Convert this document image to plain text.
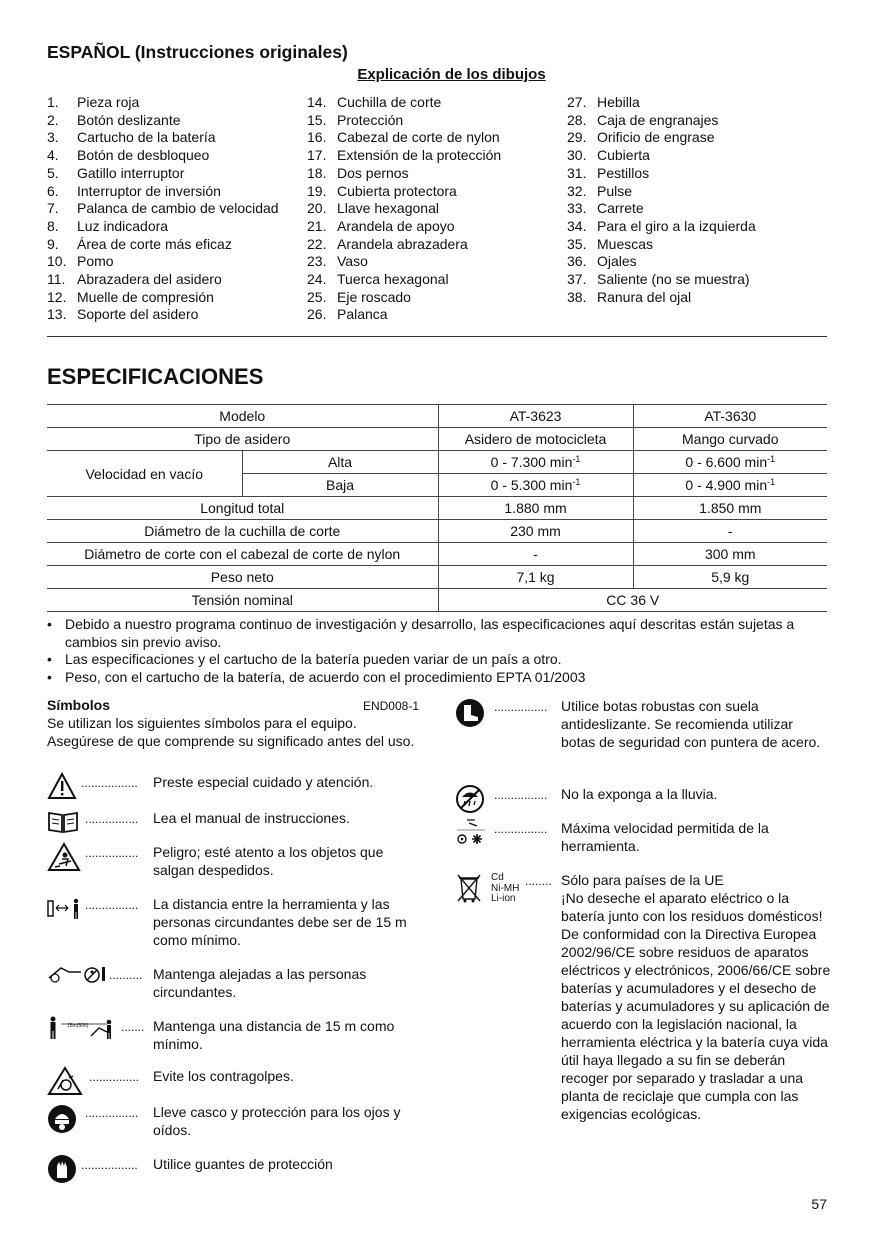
ESPAÑOL (Instrucciones originales)
Explicación de los dibujos
1. Pieza roja
2. Botón deslizante
3. Cartucho de la batería
4. Botón de desbloqueo
5. Gatillo interruptor
6. Interruptor de inversión
7. Palanca de cambio de velocidad
8. Luz indicadora
9. Área de corte más eficaz
10. Pomo
11. Abrazadera del asidero
12. Muelle de compresión
13. Soporte del asidero
14. Cuchilla de corte
15. Protección
16. Cabezal de corte de nylon
17. Extensión de la protección
18. Dos pernos
19. Cubierta protectora
20. Llave hexagonal
21. Arandela de apoyo
22. Arandela abrazadera
23. Vaso
24. Tuerca hexagonal
25. Eje roscado
26. Palanca
27. Hebilla
28. Caja de engranajes
29. Orificio de engrase
30. Cubierta
31. Pestillos
32. Pulse
33. Carrete
34. Para el giro a la izquierda
35. Muescas
36. Ojales
37. Saliente (no se muestra)
38. Ranura del ojal
ESPECIFICACIONES
Modelo		AT-3623	AT-3630
Tipo de asidero		Asidero de motocicleta	Mango curvado
Velocidad en vacío	Alta	0 - 7.300 $\min^{-1}$	0 - 6.600 $\min^{-1}$
	Baja	0 - 5.300 $\min^{-1}$	0 - 4.900 $\min^{-1}$
Longitud total		1.880 mm	1.850 mm
Diámetro de la cuchilla de corte		230 mm	-
Diámetro de corte con el cabezal de corte de nylon		-	300 mm
Peso neto		7,1 kg	5,9 kg
Tensión nominal		CC 36 V	
• Debido a nuestro programa continuo de investigación y desarrollo, las especificaciones aquí descritas están sujetas a cambios sin previo aviso.
• Las especificaciones y el cartucho de la batería pueden variar de un país a otro.
• Peso, con el cartucho de la batería, de acuerdo con el procedimiento EPTA 01/2003
Símbolos	END008-1
Se utilizan los siguientes símbolos para el equipo. Asegúrese de que comprende su significado antes del uso.
................. Preste especial cuidado y atención.
................ Lea el manual de instrucciones.
................ Peligro; esté atento a los objetos que salgan despedidos.
................ La distancia entre la herramienta y las personas circundantes debe ser de 15 m como mínimo.
.......... Mantenga alejadas a las personas circundantes.
15m(50ft)	....... Mantenga una distancia de 15 m como mínimo.
............... Evite los contragolpes.
................ Lleve casco y protección para los ojos y oídos.
................. Utilice guantes de protección
................ Utilice botas robustas con suela antideslizante. Se recomienda utilizar botas de seguridad con puntera de acero.
................ No la exponga a la lluvia.
................ Máxima velocidad permitida de la herramienta.
Cd
Ni-MH
Li-ion
........ Sólo para países de la UE
¡No deseche el aparato eléctrico o la batería junto con los residuos domésticos!
De conformidad con la Directiva Europea 2002/96/CE sobre residuos de aparatos eléctricos y electrónicos, 2006/66/CE sobre baterías y acumuladores y el desecho de baterías y acumuladores y su aplicación de acuerdo con la legislación nacional, la herramienta eléctrica y la batería cuya vida útil haya llegado a su fin se deberán recoger por separado y trasladar a una planta de reciclaje que cumpla con las exigencias ecológicas.
57
